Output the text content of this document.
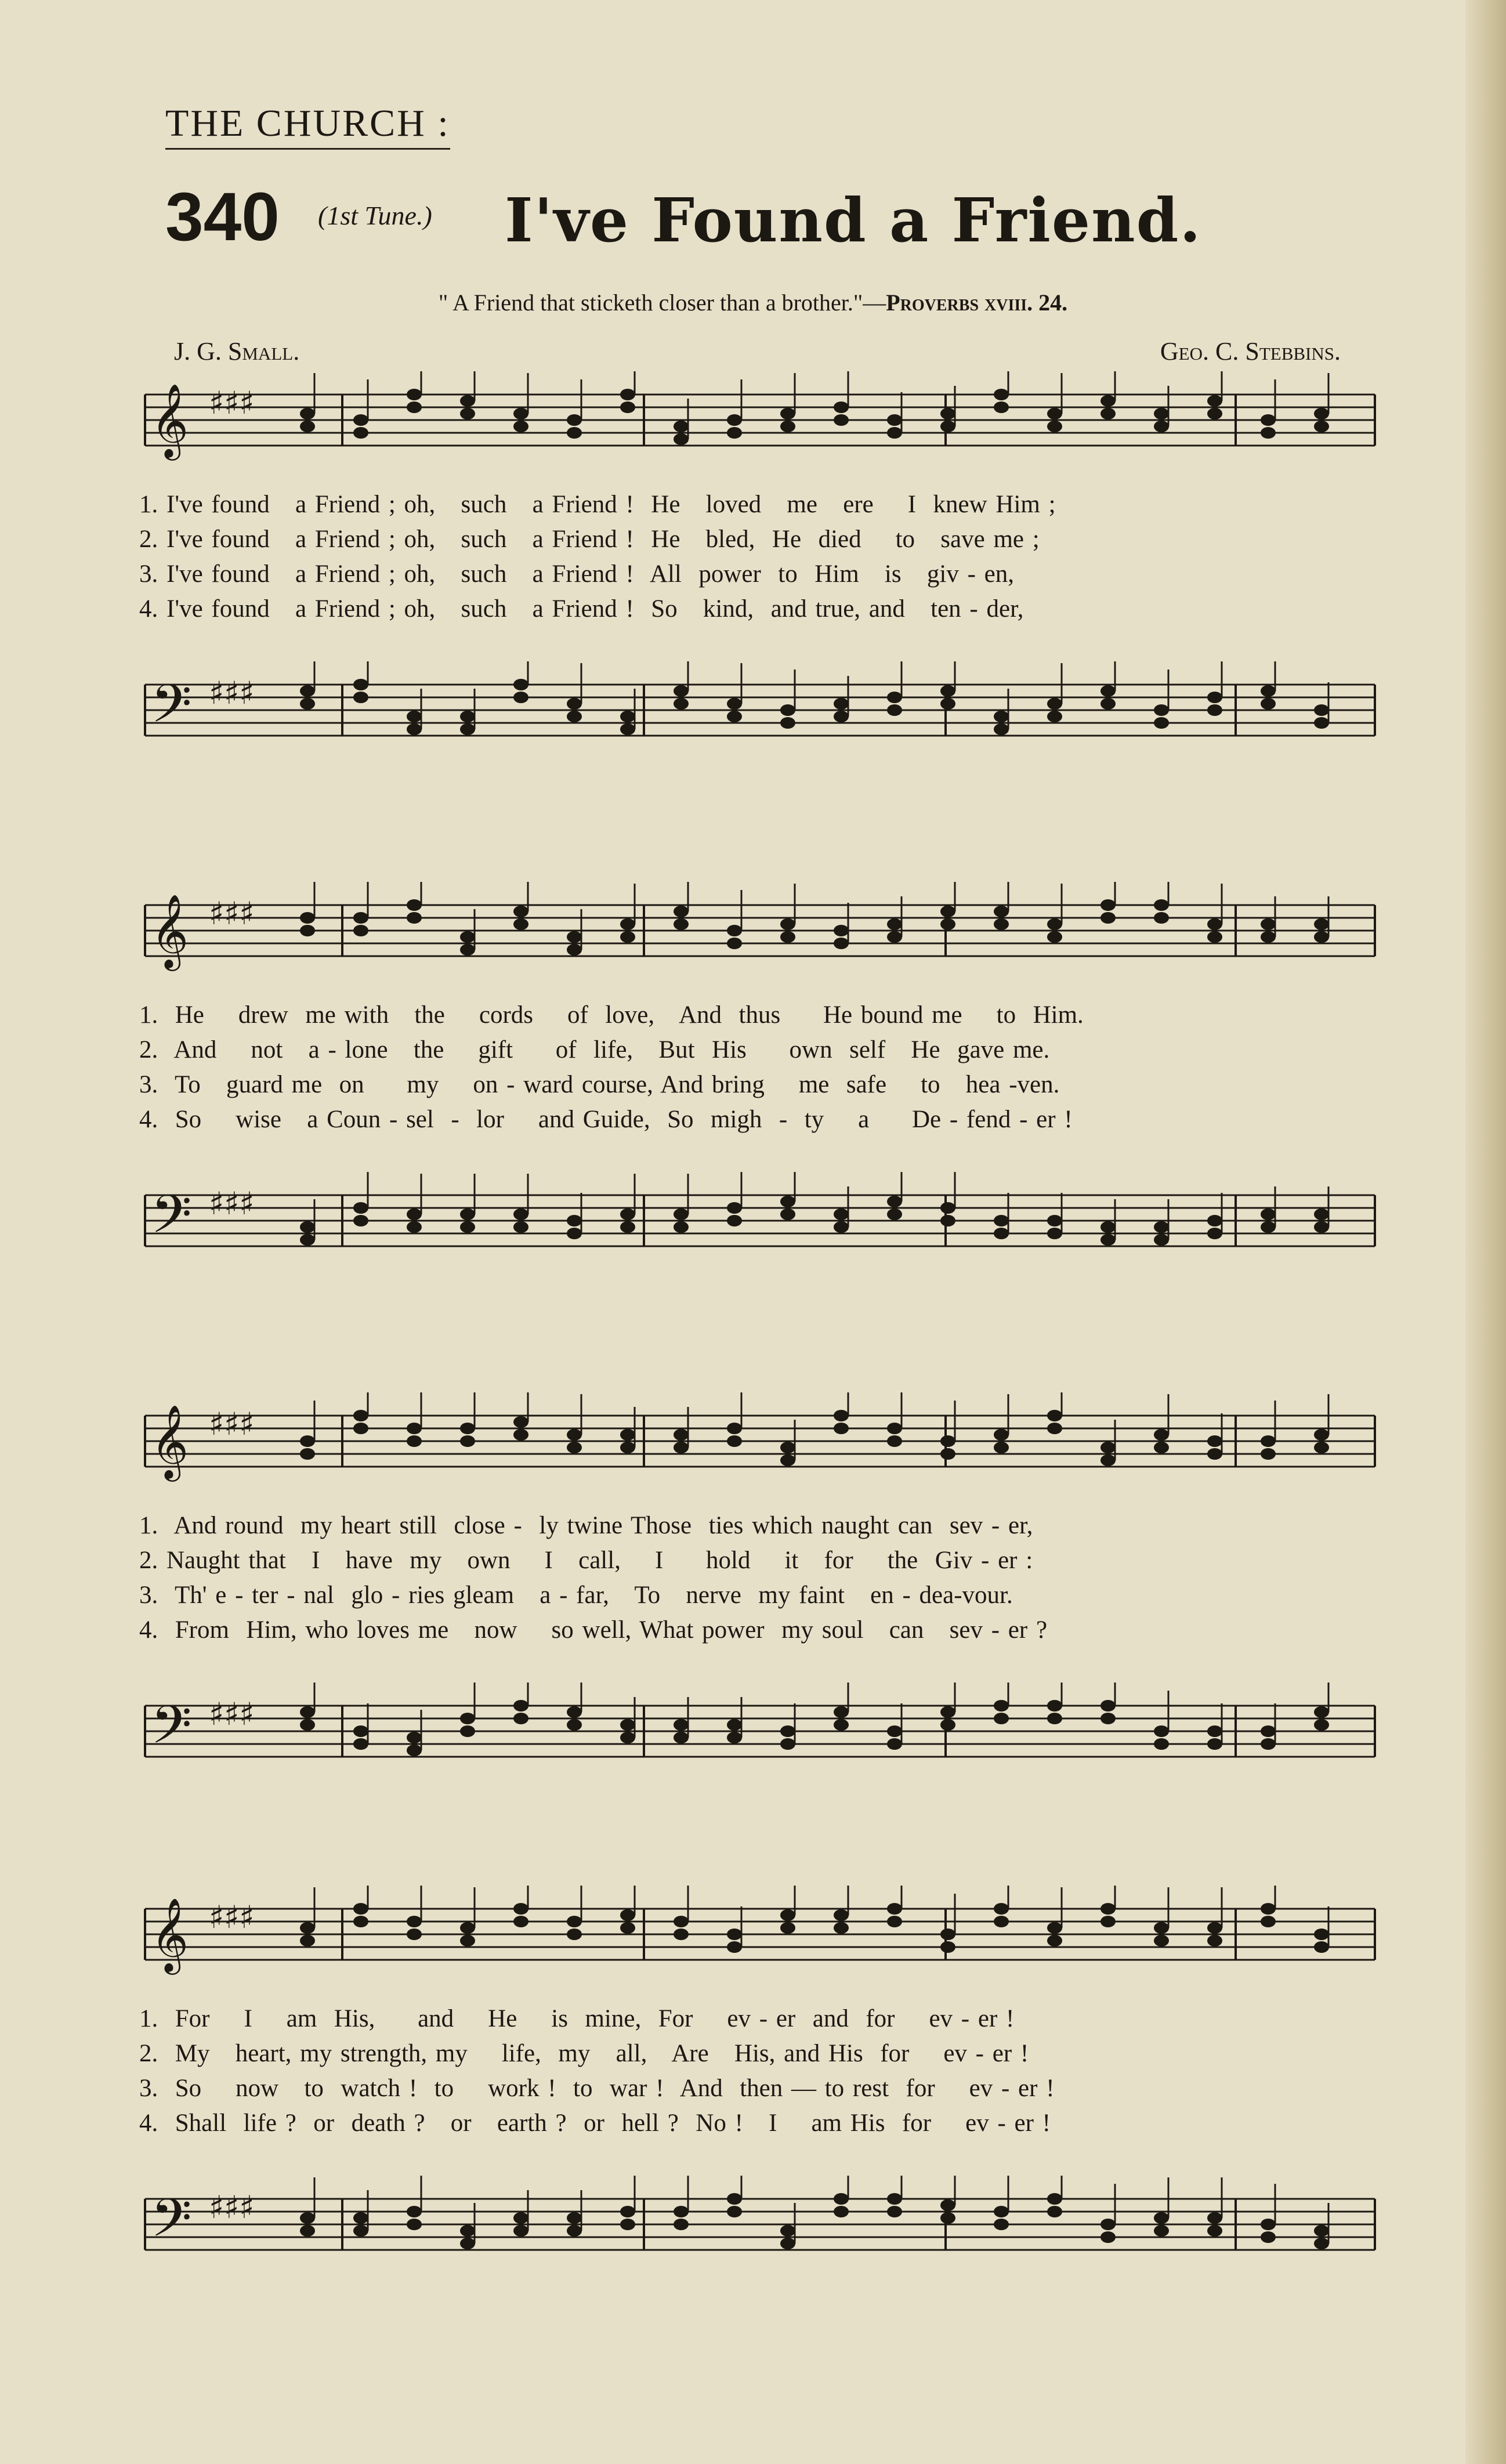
THE CHURCH :
340 (1st Tune.) I've Found a Friend.
" A Friend that sticketh closer than a brother."—Proverbs xviii. 24.
J. G. Small.	Geo. C. Stebbins.
𝄞 ♯♯♯
1. I've found   a Friend ; oh,   such   a Friend !  He   loved   me   ere    I  knew Him ;
2. I've found   a Friend ; oh,   such   a Friend !  He   bled,  He  died    to   save me ;
3. I've found   a Friend ; oh,   such   a Friend !  All  power  to  Him   is   giv - en,
4. I've found   a Friend ; oh,   such   a Friend !  So   kind,  and true, and   ten - der,
𝄢 ♯♯♯
𝄞 ♯♯♯
1.  He    drew  me with   the    cords    of  love,   And  thus     He bound me    to  Him.
2.  And    not   a - lone   the    gift     of  life,   But  His     own  self   He  gave me.
3.  To   guard me  on     my    on - ward course, And bring    me  safe    to   hea -ven.
4.  So    wise   a Coun - sel  -  lor    and Guide,  So  migh  -  ty    a     De - fend - er !
𝄢 ♯♯♯
𝄞 ♯♯♯
1.  And round  my heart still  close -  ly twine Those  ties which naught can  sev - er,
2. Naught that   I   have  my   own    I   call,    I     hold    it   for    the  Giv - er :
3.  Th' e - ter - nal  glo - ries gleam   a - far,   To   nerve  my faint   en - dea-vour.
4.  From  Him, who loves me   now    so well, What power  my soul   can   sev - er ?
𝄢 ♯♯♯
𝄞 ♯♯♯
1.  For    I    am  His,     and    He    is  mine,  For    ev - er  and  for    ev - er !
2.  My   heart, my strength, my    life,  my   all,   Are   His, and His  for    ev - er !
3.  So    now   to  watch !  to    work !  to  war !  And  then — to rest  for    ev - er !
4.  Shall  life ?  or  death ?   or   earth ?  or  hell ?  No !   I    am His  for    ev - er !
𝄢 ♯♯♯
